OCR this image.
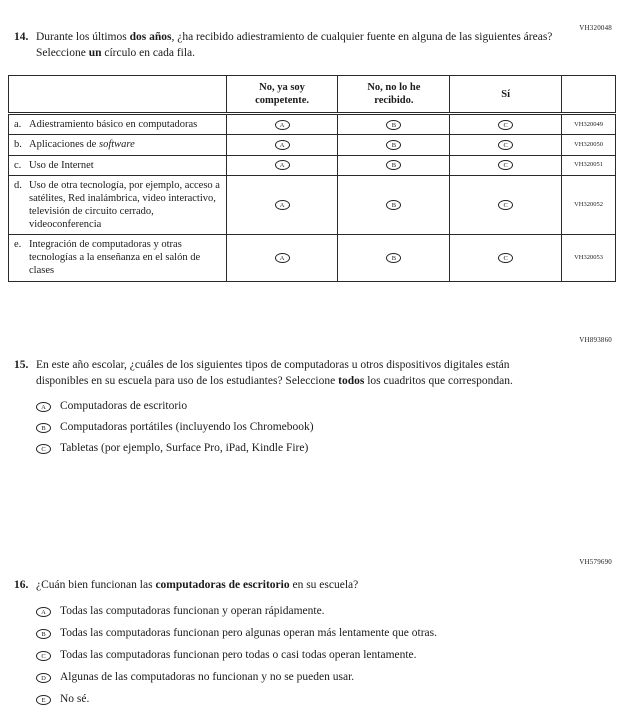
VH320048
VH893860
VH579690
14. Durante los últimos dos años, ¿ha recibido adiestramiento de cualquier fuente en alguna de las siguientes áreas? Seleccione un círculo en cada fila.
	No, ya soy competente.	No, no lo he recibido.	Sí	

a. Adiestramiento básico en computadoras	A	B	C	VH320049

b. Aplicaciones de software	A	B	C	VH320050

c. Uso de Internet	A	B	C	VH320051

d. Uso de otra tecnología, por ejemplo, acceso a satélites, Red inalámbrica, video interactivo, televisión de circuito cerrado, videoconferencia	A	B	C	VH320052

e. Integración de computadoras y otras tecnologías a la enseñanza en el salón de clases	A	B	C	VH320053
15. En este año escolar, ¿cuáles de los siguientes tipos de computadoras u otros dispositivos digitales están disponibles en su escuela para uso de los estudiantes? Seleccione todos los cuadritos que correspondan.
A	Computadoras de escritorio
B	Computadoras portátiles (incluyendo los Chromebook)
C	Tabletas (por ejemplo, Surface Pro, iPad, Kindle Fire)
16. ¿Cuán bien funcionan las computadoras de escritorio en su escuela?
A	Todas las computadoras funcionan y operan rápidamente.
B	Todas las computadoras funcionan pero algunas operan más lentamente que otras.
C	Todas las computadoras funcionan pero todas o casi todas operan lentamente.
D	Algunas de las computadoras no funcionan y no se pueden usar.
E	No sé.
